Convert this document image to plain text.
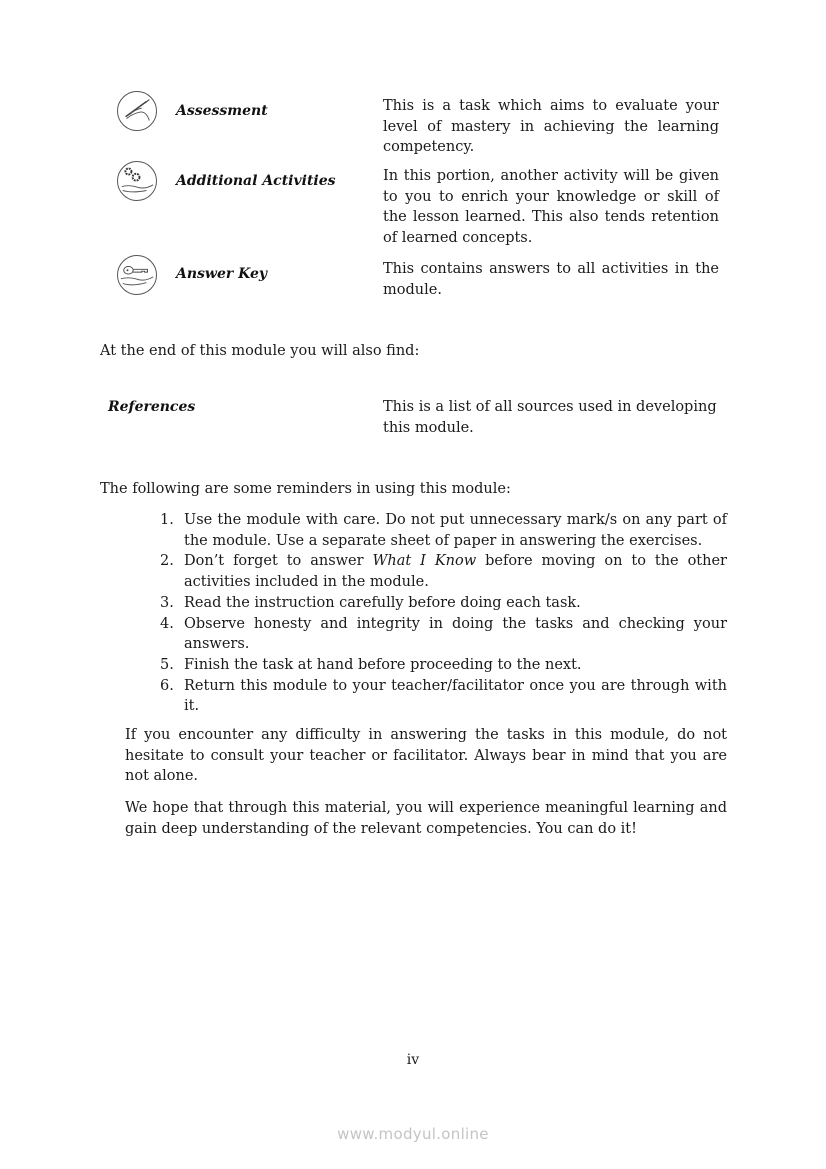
Assessment	This is a task which aims to evaluate your level of mastery in achieving the learning competency.
Additional Activities	In this portion, another activity will be given to you to enrich your knowledge or skill of the lesson learned. This also tends retention of learned concepts.
Answer Key	This contains answers to all activities in the module.
At the end of this module you will also find:
References	This is a list of all sources used in developing this module.
The following are some reminders in using this module:
1. Use the module with care. Do not put unnecessary mark/s on any part of the module. Use a separate sheet of paper in answering the exercises.
2. Don’t forget to answer What I Know before moving on to the other activities included in the module.
3. Read the instruction carefully before doing each task.
4. Observe honesty and integrity in doing the tasks and checking your answers.
5. Finish the task at hand before proceeding to the next.
6. Return this module to your teacher/facilitator once you are through with it.
If you encounter any difficulty in answering the tasks in this module, do not hesitate to consult your teacher or facilitator. Always bear in mind that you are not alone.
We hope that through this material, you will experience meaningful learning and gain deep understanding of the relevant competencies. You can do it!
iv
www.modyul.online
